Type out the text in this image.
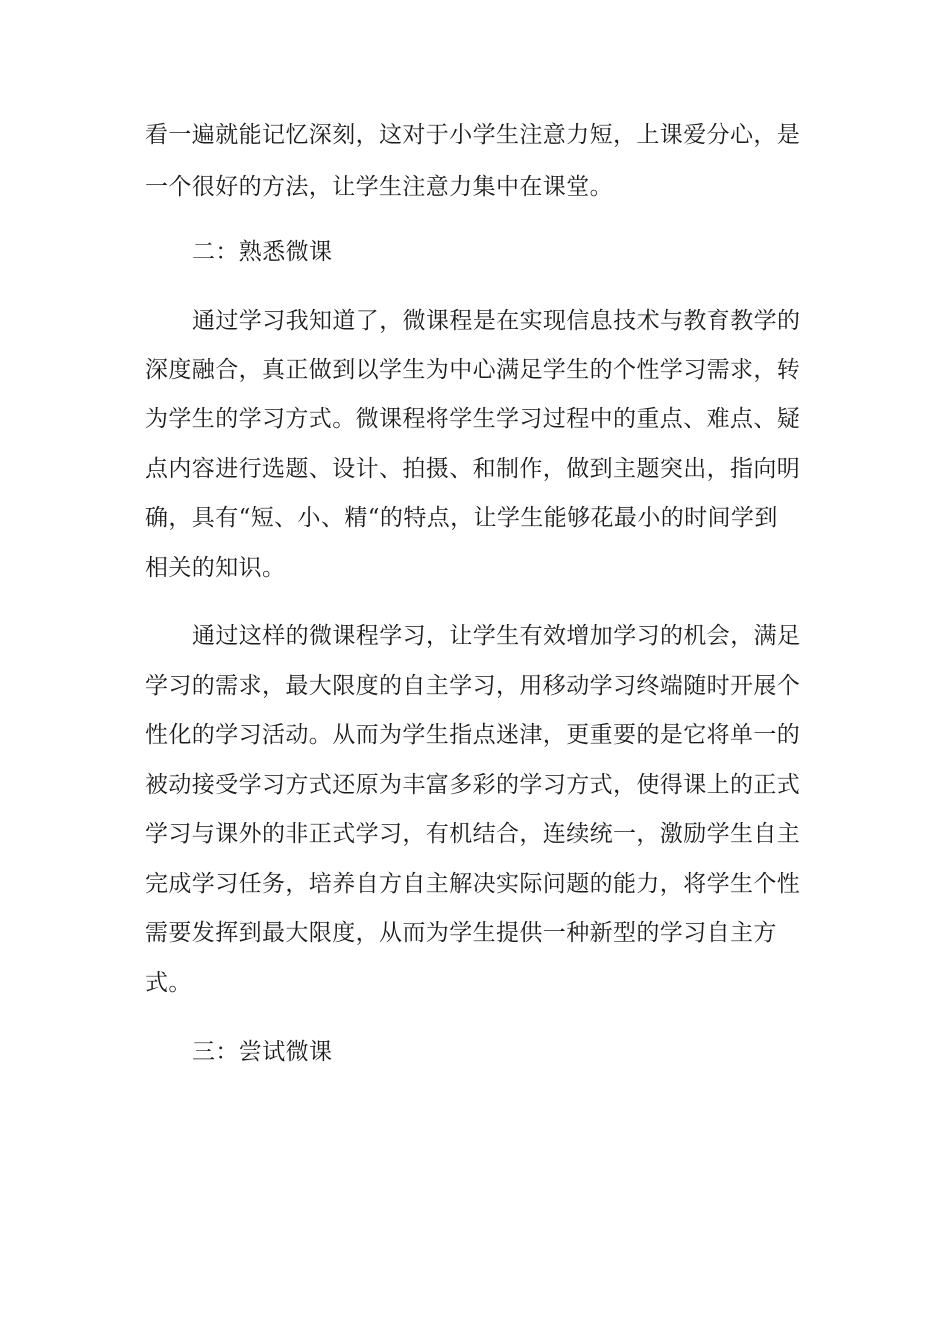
看一遍就能记忆深刻，这对于小学生注意力短，上课爱分心，是
一个很好的方法，让学生注意力集中在课堂。
二：熟悉微课
通过学习我知道了，微课程是在实现信息技术与教育教学的
深度融合，真正做到以学生为中心满足学生的个性学习需求，转
为学生的学习方式。微课程将学生学习过程中的重点、难点、疑
点内容进行选题、设计、拍摄、和制作，做到主题突出，指向明
确，具有“短、小、精“的特点，让学生能够花最小的时间学到
相关的知识。
通过这样的微课程学习，让学生有效增加学习的机会，满足
学习的需求，最大限度的自主学习，用移动学习终端随时开展个
性化的学习活动。从而为学生指点迷津，更重要的是它将单一的
被动接受学习方式还原为丰富多彩的学习方式，使得课上的正式
学习与课外的非正式学习，有机结合，连续统一，激励学生自主
完成学习任务，培养自方自主解决实际问题的能力，将学生个性
需要发挥到最大限度，从而为学生提供一种新型的学习自主方
式。
三：尝试微课
